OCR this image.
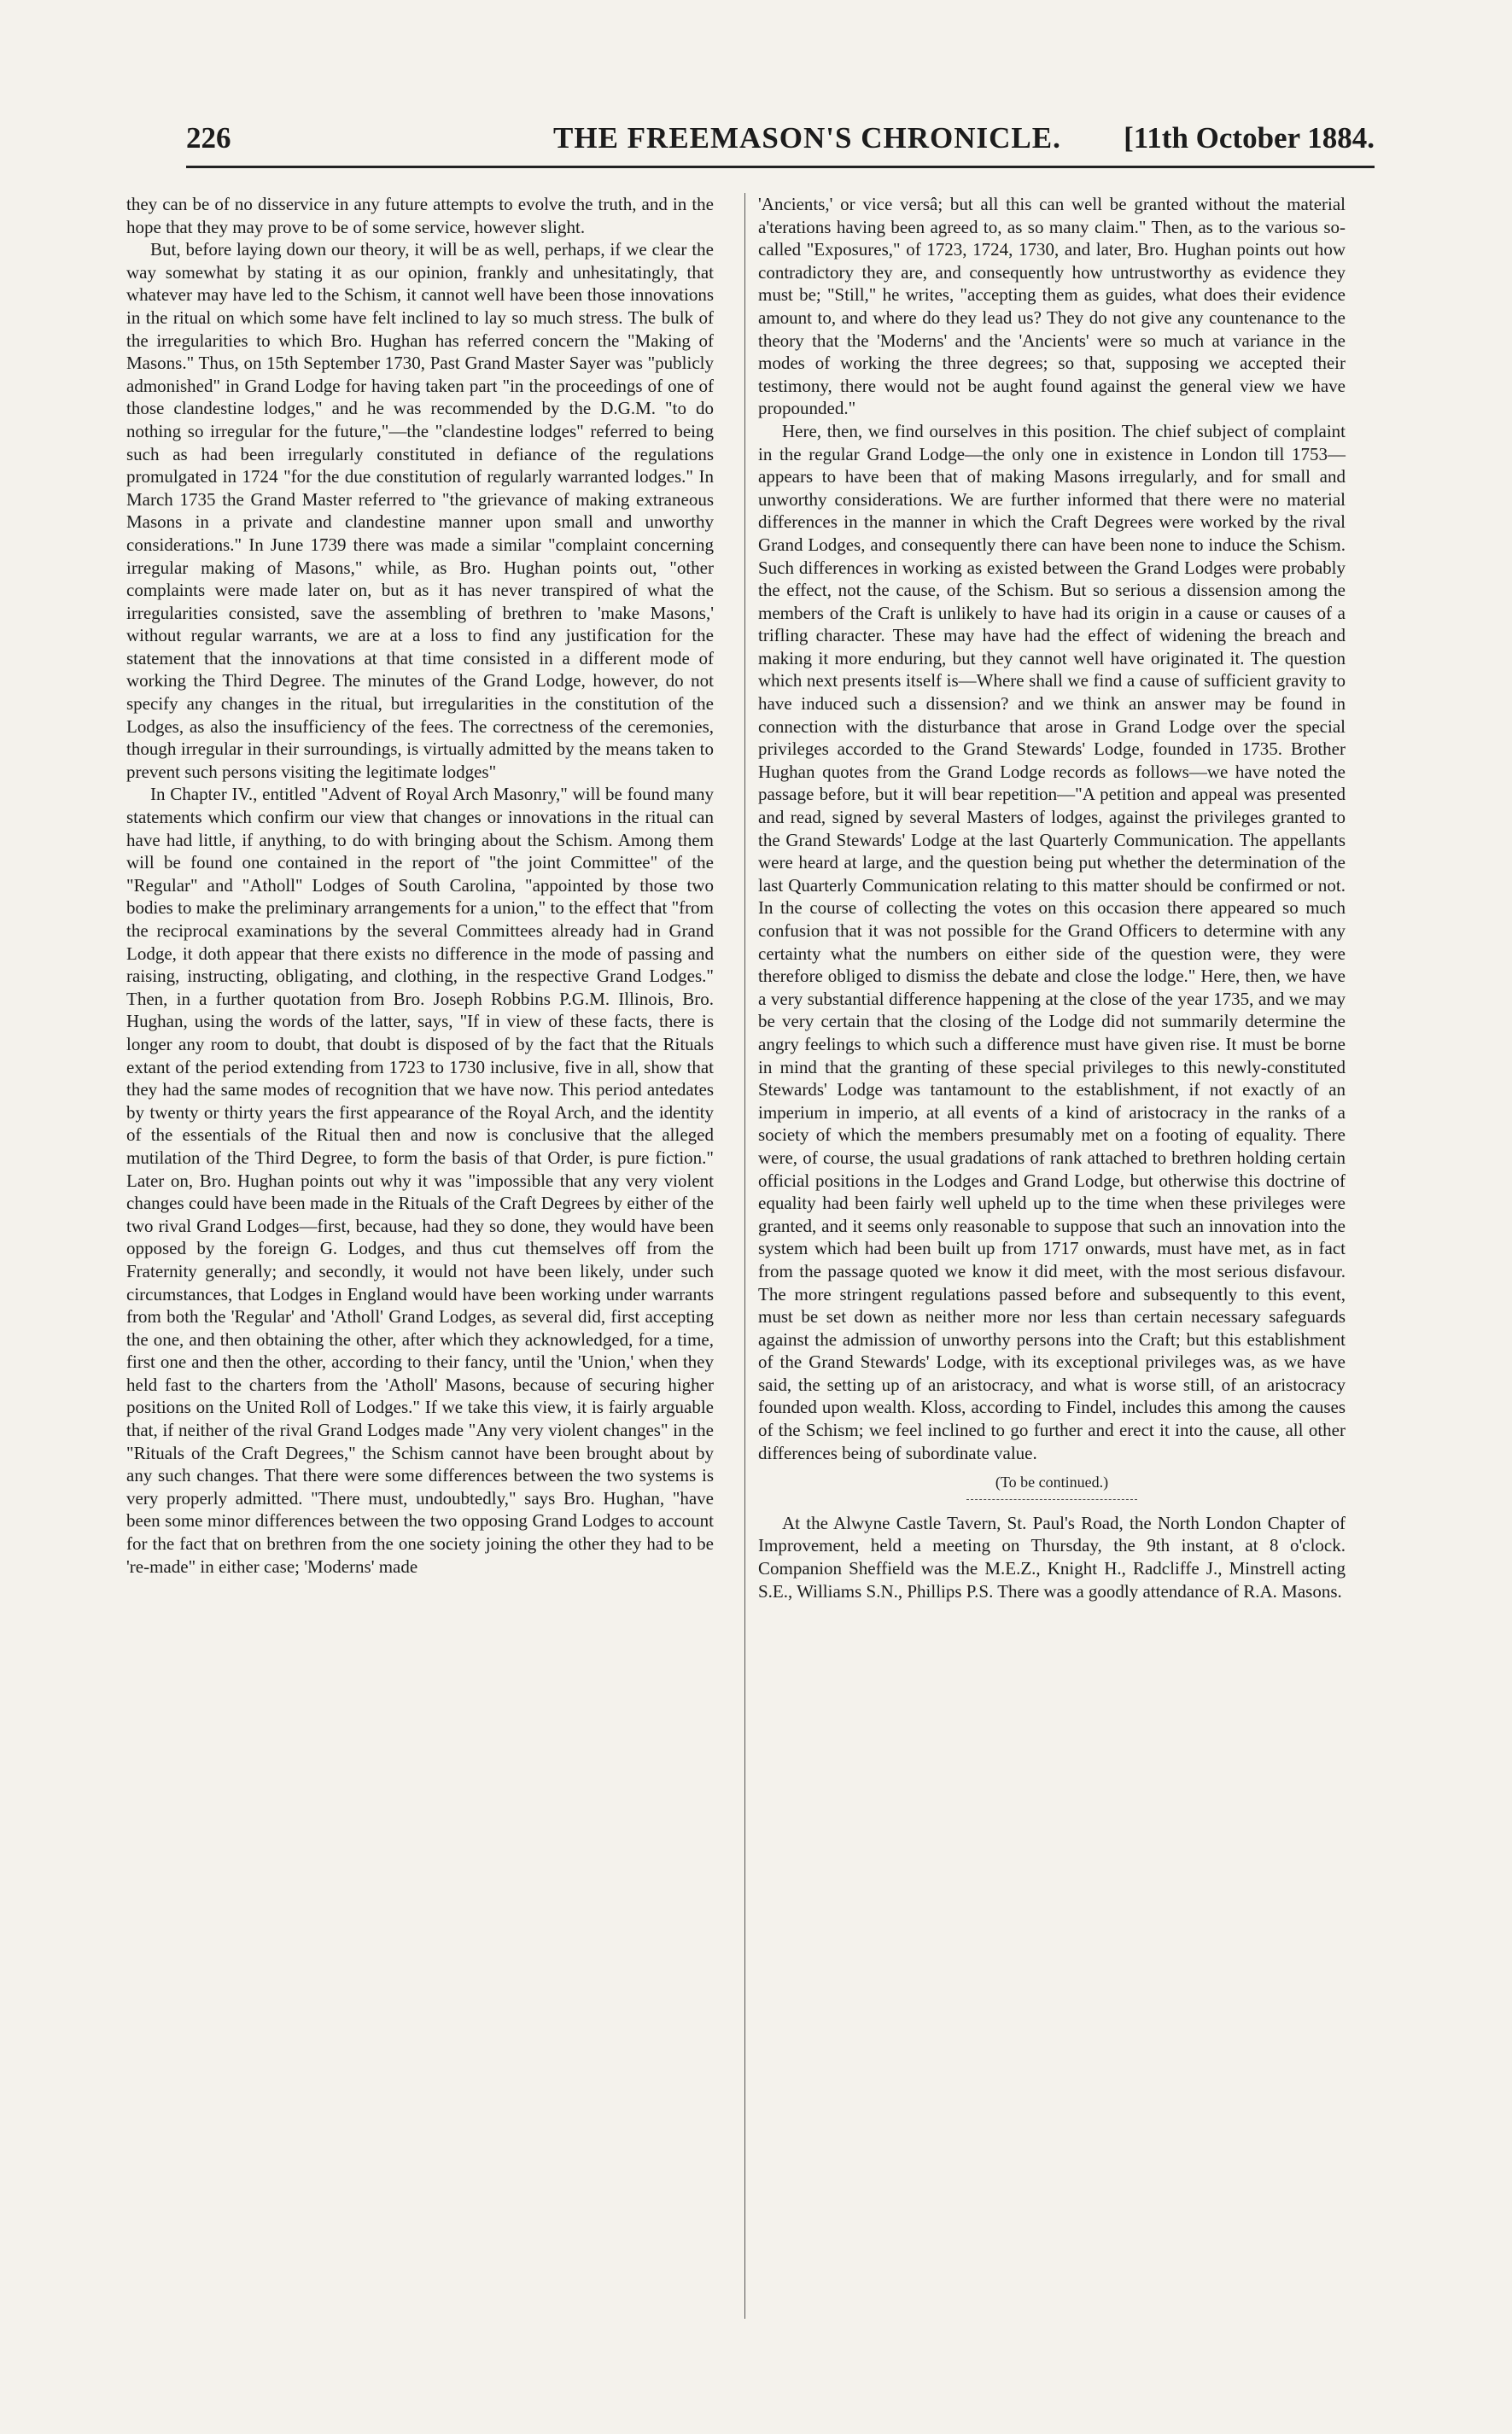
226	THE FREEMASON'S CHRONICLE. [11th October 1884.

they can be of no disservice in any future attempts to evolve the truth, and in the hope that they may prove to be of some service, however slight.

But, before laying down our theory, it will be as well, perhaps, if we clear the way somewhat by stating it as our opinion, frankly and unhesitatingly, that whatever may have led to the Schism, it cannot well have been those innovations in the ritual on which some have felt inclined to lay so much stress. The bulk of the irregularities to which Bro. Hughan has referred concern the "Making of Masons." Thus, on 15th September 1730, Past Grand Master Sayer was "publicly admonished" in Grand Lodge for having taken part "in the proceedings of one of those clandestine lodges," and he was recommended by the D.G.M. "to do nothing so irregular for the future,"—the "clandestine lodges" referred to being such as had been irregularly constituted in defiance of the regulations promulgated in 1724 "for the due constitution of regularly warranted lodges." In March 1735 the Grand Master referred to "the grievance of making extraneous Masons in a private and clandestine manner upon small and unworthy considerations." In June 1739 there was made a similar "complaint concerning irregular making of Masons," while, as Bro. Hughan points out, "other complaints were made later on, but as it has never transpired of what the irregularities consisted, save the assembling of brethren to 'make Masons,' without regular warrants, we are at a loss to find any justification for the statement that the innovations at that time consisted in a different mode of working the Third Degree. The minutes of the Grand Lodge, however, do not specify any changes in the ritual, but irregularities in the constitution of the Lodges, as also the insufficiency of the fees. The correctness of the ceremonies, though irregular in their surroundings, is virtually admitted by the means taken to prevent such persons visiting the legitimate lodges"

In Chapter IV., entitled "Advent of Royal Arch Masonry," will be found many statements which confirm our view that changes or innovations in the ritual can have had little, if anything, to do with bringing about the Schism. Among them will be found one contained in the report of "the joint Committee" of the "Regular" and "Atholl" Lodges of South Carolina, "appointed by those two bodies to make the preliminary arrangements for a union," to the effect that "from the reciprocal examinations by the several Committees already had in Grand Lodge, it doth appear that there exists no difference in the mode of passing and raising, instructing, obligating, and clothing, in the respective Grand Lodges." Then, in a further quotation from Bro. Joseph Robbins P.G.M. Illinois, Bro. Hughan, using the words of the latter, says, "If in view of these facts, there is longer any room to doubt, that doubt is disposed of by the fact that the Rituals extant of the period extending from 1723 to 1730 inclusive, five in all, show that they had the same modes of recognition that we have now. This period antedates by twenty or thirty years the first appearance of the Royal Arch, and the identity of the essentials of the Ritual then and now is conclusive that the alleged mutilation of the Third Degree, to form the basis of that Order, is pure fiction." Later on, Bro. Hughan points out why it was "impossible that any very violent changes could have been made in the Rituals of the Craft Degrees by either of the two rival Grand Lodges—first, because, had they so done, they would have been opposed by the foreign G. Lodges, and thus cut themselves off from the Fraternity generally; and secondly, it would not have been likely, under such circumstances, that Lodges in England would have been working under warrants from both the 'Regular' and 'Atholl' Grand Lodges, as several did, first accepting the one, and then obtaining the other, after which they acknowledged, for a time, first one and then the other, according to their fancy, until the 'Union,' when they held fast to the charters from the 'Atholl' Masons, because of securing higher positions on the United Roll of Lodges." If we take this view, it is fairly arguable that, if neither of the rival Grand Lodges made "Any very violent changes" in the "Rituals of the Craft Degrees," the Schism cannot have been brought about by any such changes. That there were some differences between the two systems is very properly admitted. "There must, undoubtedly," says Bro. Hughan, "have been some minor differences between the two opposing Grand Lodges to account for the fact that on brethren from the one society joining the other they had to be 're-made" in either case; 'Moderns' made

'Ancients,' or vice versâ; but all this can well be granted without the material a'terations having been agreed to, as so many claim." Then, as to the various so-called "Exposures," of 1723, 1724, 1730, and later, Bro. Hughan points out how contradictory they are, and consequently how untrustworthy as evidence they must be; "Still," he writes, "accepting them as guides, what does their evidence amount to, and where do they lead us? They do not give any countenance to the theory that the 'Moderns' and the 'Ancients' were so much at variance in the modes of working the three degrees; so that, supposing we accepted their testimony, there would not be aught found against the general view we have propounded."

Here, then, we find ourselves in this position. The chief subject of complaint in the regular Grand Lodge—the only one in existence in London till 1753—appears to have been that of making Masons irregularly, and for small and unworthy considerations. We are further informed that there were no material differences in the manner in which the Craft Degrees were worked by the rival Grand Lodges, and consequently there can have been none to induce the Schism. Such differences in working as existed between the Grand Lodges were probably the effect, not the cause, of the Schism. But so serious a dissension among the members of the Craft is unlikely to have had its origin in a cause or causes of a trifling character. These may have had the effect of widening the breach and making it more enduring, but they cannot well have originated it. The question which next presents itself is—Where shall we find a cause of sufficient gravity to have induced such a dissension? and we think an answer may be found in connection with the disturbance that arose in Grand Lodge over the special privileges accorded to the Grand Stewards' Lodge, founded in 1735. Brother Hughan quotes from the Grand Lodge records as follows—we have noted the passage before, but it will bear repetition—"A petition and appeal was presented and read, signed by several Masters of lodges, against the privileges granted to the Grand Stewards' Lodge at the last Quarterly Communication. The appellants were heard at large, and the question being put whether the determination of the last Quarterly Communication relating to this matter should be confirmed or not. In the course of collecting the votes on this occasion there appeared so much confusion that it was not possible for the Grand Officers to determine with any certainty what the numbers on either side of the question were, they were therefore obliged to dismiss the debate and close the lodge." Here, then, we have a very substantial difference happening at the close of the year 1735, and we may be very certain that the closing of the Lodge did not summarily determine the angry feelings to which such a difference must have given rise. It must be borne in mind that the granting of these special privileges to this newly-constituted Stewards' Lodge was tantamount to the establishment, if not exactly of an imperium in imperio, at all events of a kind of aristocracy in the ranks of a society of which the members presumably met on a footing of equality. There were, of course, the usual gradations of rank attached to brethren holding certain official positions in the Lodges and Grand Lodge, but otherwise this doctrine of equality had been fairly well upheld up to the time when these privileges were granted, and it seems only reasonable to suppose that such an innovation into the system which had been built up from 1717 onwards, must have met, as in fact from the passage quoted we know it did meet, with the most serious disfavour. The more stringent regulations passed before and subsequently to this event, must be set down as neither more nor less than certain necessary safeguards against the admission of unworthy persons into the Craft; but this establishment of the Grand Stewards' Lodge, with its exceptional privileges was, as we have said, the setting up of an aristocracy, and what is worse still, of an aristocracy founded upon wealth. Kloss, according to Findel, includes this among the causes of the Schism; we feel inclined to go further and erect it into the cause, all other differences being of subordinate value.

(To be continued.)

At the Alwyne Castle Tavern, St. Paul's Road, the North London Chapter of Improvement, held a meeting on Thursday, the 9th instant, at 8 o'clock. Companion Sheffield was the M.E.Z., Knight H., Radcliffe J., Minstrell acting S.E., Williams S.N., Phillips P.S. There was a goodly attendance of R.A. Masons.
